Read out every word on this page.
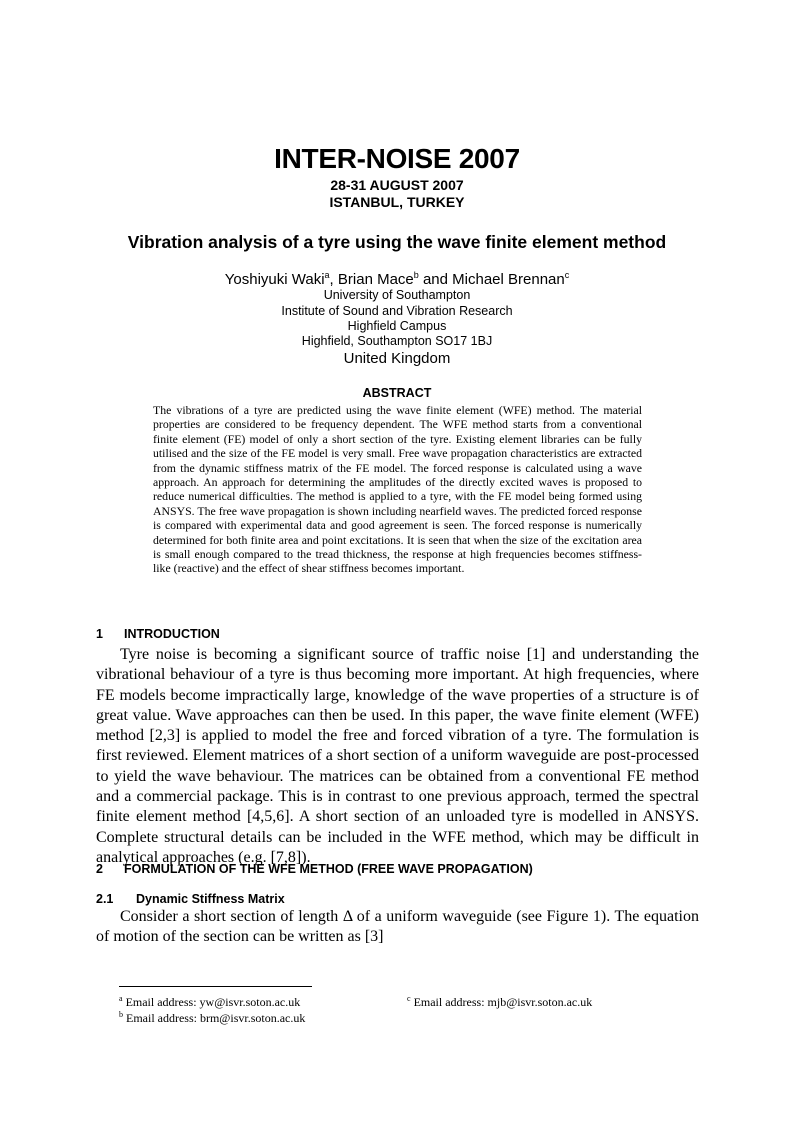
INTER-NOISE 2007
28-31 AUGUST 2007
ISTANBUL, TURKEY
Vibration analysis of a tyre using the wave finite element method
Yoshiyuki Waki$^a$, Brian Mace$^b$ and Michael Brennan$^c$
University of Southampton
Institute of Sound and Vibration Research
Highfield Campus
Highfield, Southampton SO17 1BJ
United Kingdom
ABSTRACT
The vibrations of a tyre are predicted using the wave finite element (WFE) method. The material properties are considered to be frequency dependent. The WFE method starts from a conventional finite element (FE) model of only a short section of the tyre. Existing element libraries can be fully utilised and the size of the FE model is very small. Free wave propagation characteristics are extracted from the dynamic stiffness matrix of the FE model. The forced response is calculated using a wave approach. An approach for determining the amplitudes of the directly excited waves is proposed to reduce numerical difficulties. The method is applied to a tyre, with the FE model being formed using ANSYS. The free wave propagation is shown including nearfield waves. The predicted forced response is compared with experimental data and good agreement is seen. The forced response is numerically determined for both finite area and point excitations. It is seen that when the size of the excitation area is small enough compared to the tread thickness, the response at high frequencies becomes stiffness-like (reactive) and the effect of shear stiffness becomes important.
1 INTRODUCTION

Tyre noise is becoming a significant source of traffic noise [1] and understanding the vibrational behaviour of a tyre is thus becoming more important. At high frequencies, where FE models become impractically large, knowledge of the wave properties of a structure is of great value. Wave approaches can then be used. In this paper, the wave finite element (WFE) method [2,3] is applied to model the free and forced vibration of a tyre. The formulation is first reviewed. Element matrices of a short section of a uniform waveguide are post-processed to yield the wave behaviour. The matrices can be obtained from a conventional FE method and a commercial package. This is in contrast to one previous approach, termed the spectral finite element method [4,5,6]. A short section of an unloaded tyre is modelled in ANSYS. Complete structural details can be included in the WFE method, which may be difficult in analytical approaches (e.g. [7,8]).

2 FORMULATION OF THE WFE METHOD (FREE WAVE PROPAGATION)
2.1 Dynamic Stiffness Matrix

Consider a short section of length Δ of a uniform waveguide (see Figure 1). The equation of motion of the section can be written as [3]

$^a$ Email address: yw@isvr.soton.ac.uk
$^b$ Email address: brm@isvr.soton.ac.uk
$^c$ Email address: mjb@isvr.soton.ac.uk
